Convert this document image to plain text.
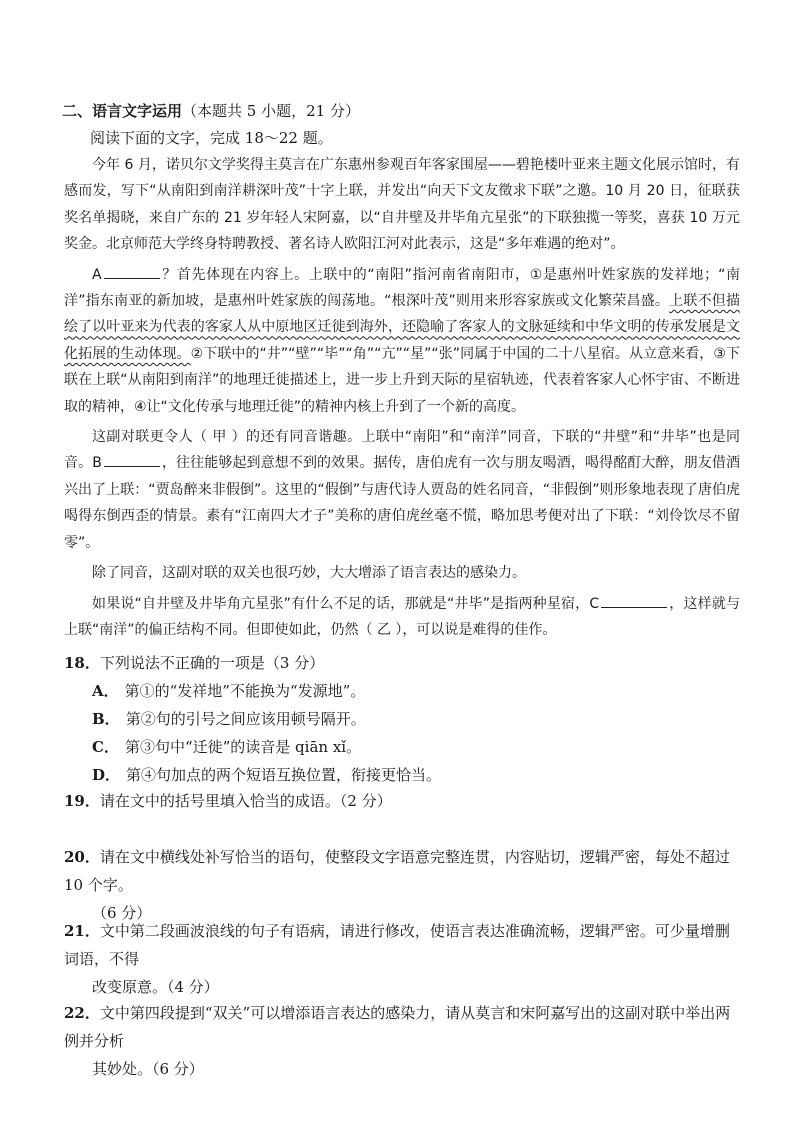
二、语言文字运用（本题共 5 小题，21 分）
阅读下面的文字，完成 18～22 题。

今年 6 月，诺贝尔文学奖得主莫言在广东惠州参观百年客家围屋——碧艳楼叶亚来主题文化展示馆时，有感而发，写下“从南阳到南洋耕深叶茂”十字上联，并发出“向天下文友徵求下联”之邀。10 月 20 日，征联获奖名单揭晓，来自广东的 21 岁年轻人宋阿嘉，以“自井壁及井毕角亢星张”的下联独揽一等奖，喜获 10 万元奖金。北京师范大学终身特聘教授、著名诗人欧阳江河对此表示，这是“多年难遇的绝对”。

A	？首先体现在内容上。上联中的“南阳”指河南省南阳市，①是惠州叶姓家族的发祥地；“南洋”指东南亚的新加坡，是惠州叶姓家族的闯荡地。“根深叶茂”则用来形容家族或文化繁荣昌盛。上联不但描绘了以叶亚来为代表的客家人从中原地区迁徙到海外，还隐喻了客家人的文脉延续和中华文明的传承发展是文化拓展的生动体现。②下联中的“井”“壁”“毕”“角”“亢”“星”“张”同属于中国的二十八星宿。从立意来看，③下联在上联“从南阳到南洋”的地理迁徙描述上，进一步上升到天际的星宿轨迹，代表着客家人心怀宇宙、不断进取的精神，④让“文化传承与地理迁徙”的精神内核上升到了一个新的高度。

这副对联更令人（ 甲 ）的还有同音谐趣。上联中“南阳”和“南洋”同音，下联的“井壁”和“井毕”也是同音。B	，往往能够起到意想不到的效果。据传，唐伯虎有一次与朋友喝酒，喝得酩酊大醉，朋友借酒兴出了上联：“贾岛醉来非假倒”。这里的“假倒”与唐代诗人贾岛的姓名同音，“非假倒”则形象地表现了唐伯虎喝得东倒西歪的情景。素有“江南四大才子”美称的唐伯虎丝毫不慌，略加思考便对出了下联：“刘伶饮尽不留零”。

除了同音，这副对联的双关也很巧妙，大大增添了语言表达的感染力。

如果说“自井壁及井毕角亢星张”有什么不足的话，那就是“井毕”是指两种星宿，C	，这样就与上联“南洋”的偏正结构不同。但即使如此，仍然（ 乙 ），可以说是难得的佳作。

18．下列说法不正确的一项是（3 分）
A． 第①的“发祥地”不能换为“发源地”。
B． 第②句的引号之间应该用顿号隔开。
C． 第③句中“迁徙”的读音是 qiān xǐ。
D． 第④句加点的两个短语互换位置，衔接更恰当。
19．请在文中的括号里填入恰当的成语。（2 分）
20．请在文中横线处补写恰当的语句，使整段文字语意完整连贯，内容贴切，逻辑严密，每处不超过 10 个字。
（6 分）
21．文中第二段画波浪线的句子有语病，请进行修改，使语言表达准确流畅，逻辑严密。可少量增删词语，不得
改变原意。（4 分）
22．文中第四段提到“双关”可以增添语言表达的感染力，请从莫言和宋阿嘉写出的这副对联中举出两例并分析
其妙处。（6 分）
